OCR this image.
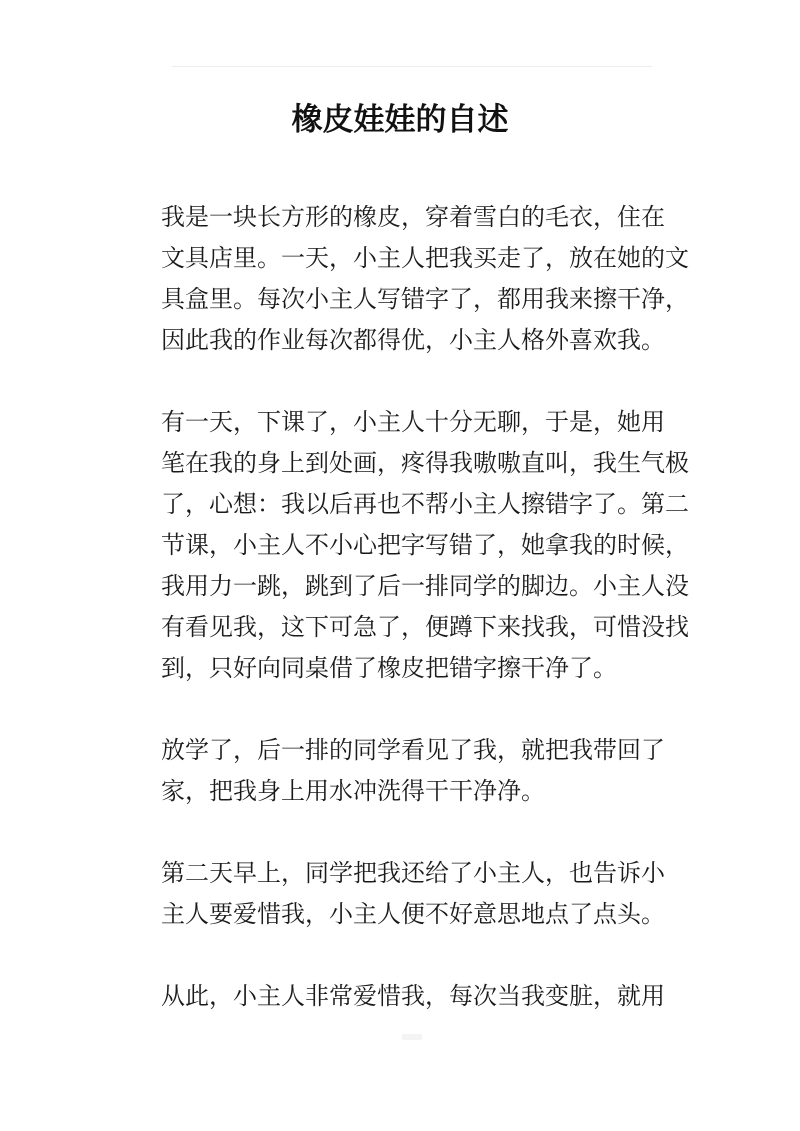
橡皮娃娃的自述

我是一块长方形的橡皮，穿着雪白的毛衣，住在
文具店里。一天，小主人把我买走了，放在她的文
具盒里。每次小主人写错字了，都用我来擦干净，
因此我的作业每次都得优，小主人格外喜欢我。

有一天，下课了，小主人十分无聊，于是，她用
笔在我的身上到处画，疼得我嗷嗷直叫，我生气极
了，心想：我以后再也不帮小主人擦错字了。第二
节课，小主人不小心把字写错了，她拿我的时候，
我用力一跳，跳到了后一排同学的脚边。小主人没
有看见我，这下可急了，便蹲下来找我，可惜没找
到，只好向同桌借了橡皮把错字擦干净了。

放学了，后一排的同学看见了我，就把我带回了
家，把我身上用水冲洗得干干净净。

第二天早上，同学把我还给了小主人，也告诉小
主人要爱惜我，小主人便不好意思地点了点头。

从此，小主人非常爱惜我，每次当我变脏，就用
